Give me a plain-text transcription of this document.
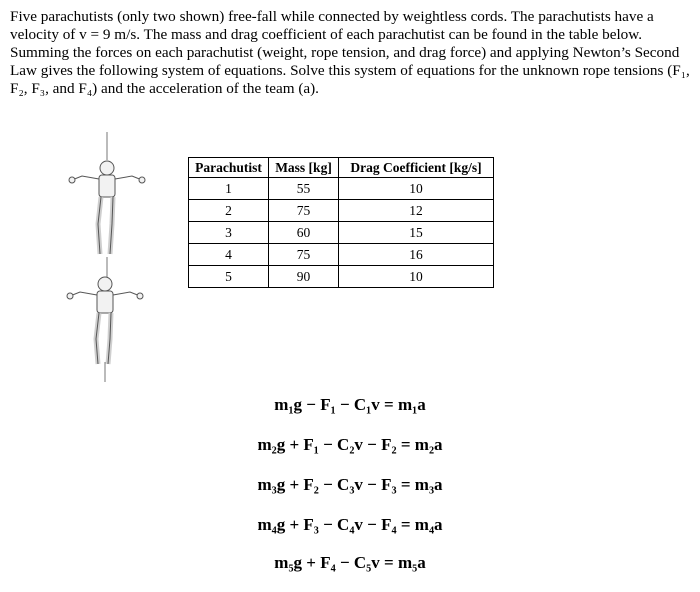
Five parachutists (only two shown) free-fall while connected by weightless cords. The parachutists have a velocity of v = 9 m/s. The mass and drag coefficient of each parachutist can be found in the table below. Summing the forces on each parachutist (weight, rope tension, and drag force) and applying Newton’s Second Law gives the following system of equations. Solve this system of equations for the unknown rope tensions (F₁, F₂, F₃, and F₄) and the acceleration of the team (a).

Parachutist	Mass [kg]	Drag Coefficient [kg/s]
1	55	10
2	75	12
3	60	15
4	75	16
5	90	10
m₁g − F₁ − C₁v = m₁a
m₂g + F₁ − C₂v − F₂ = m₂a
m₃g + F₂ − C₃v − F₃ = m₃a
m₄g + F₃ − C₄v − F₄ = m₄a
m₅g + F₄ − C₅v = m₅a
